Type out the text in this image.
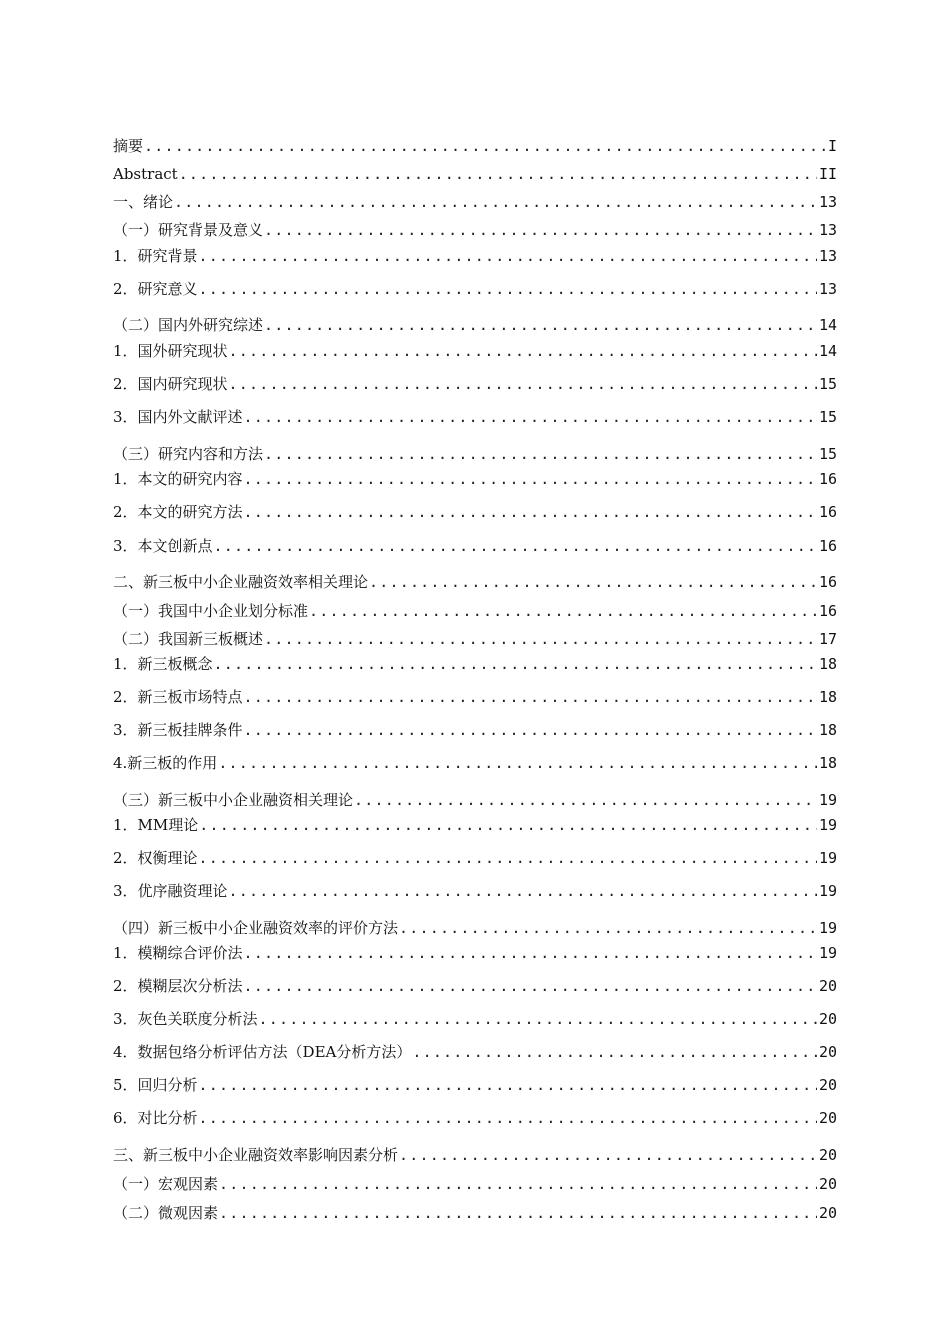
摘要 .....	I
Abstract .....	II
一、绪论 .....	13
（一）研究背景及意义 .....	13
1．研究背景 .....	13
2．研究意义 .....	13
（二）国内外研究综述 .....	14
1．国外研究现状 .....	14
2．国内研究现状 .....	15
3．国内外文献评述 .....	15
（三）研究内容和方法 .....	15
1．本文的研究内容 .....	16
2．本文的研究方法 .....	16
3．本文创新点 .....	16
二、新三板中小企业融资效率相关理论 .....	16
（一）我国中小企业划分标准 .....	16
（二）我国新三板概述 .....	17
1．新三板概念 .....	18
2．新三板市场特点 .....	18
3．新三板挂牌条件 .....	18
4.新三板的作用 .....	18
（三）新三板中小企业融资相关理论 .....	19
1．MM理论 .....	19
2．权衡理论 .....	19
3．优序融资理论 .....	19
（四）新三板中小企业融资效率的评价方法 .....	19
1．模糊综合评价法 .....	19
2．模糊层次分析法 .....	20
3．灰色关联度分析法 .....	20
4．数据包络分析评估方法（DEA分析方法） .....	20
5．回归分析 .....	20
6．对比分析 .....	20
三、新三板中小企业融资效率影响因素分析 .....	20
（一）宏观因素 .....	20
（二）微观因素 .....	20
